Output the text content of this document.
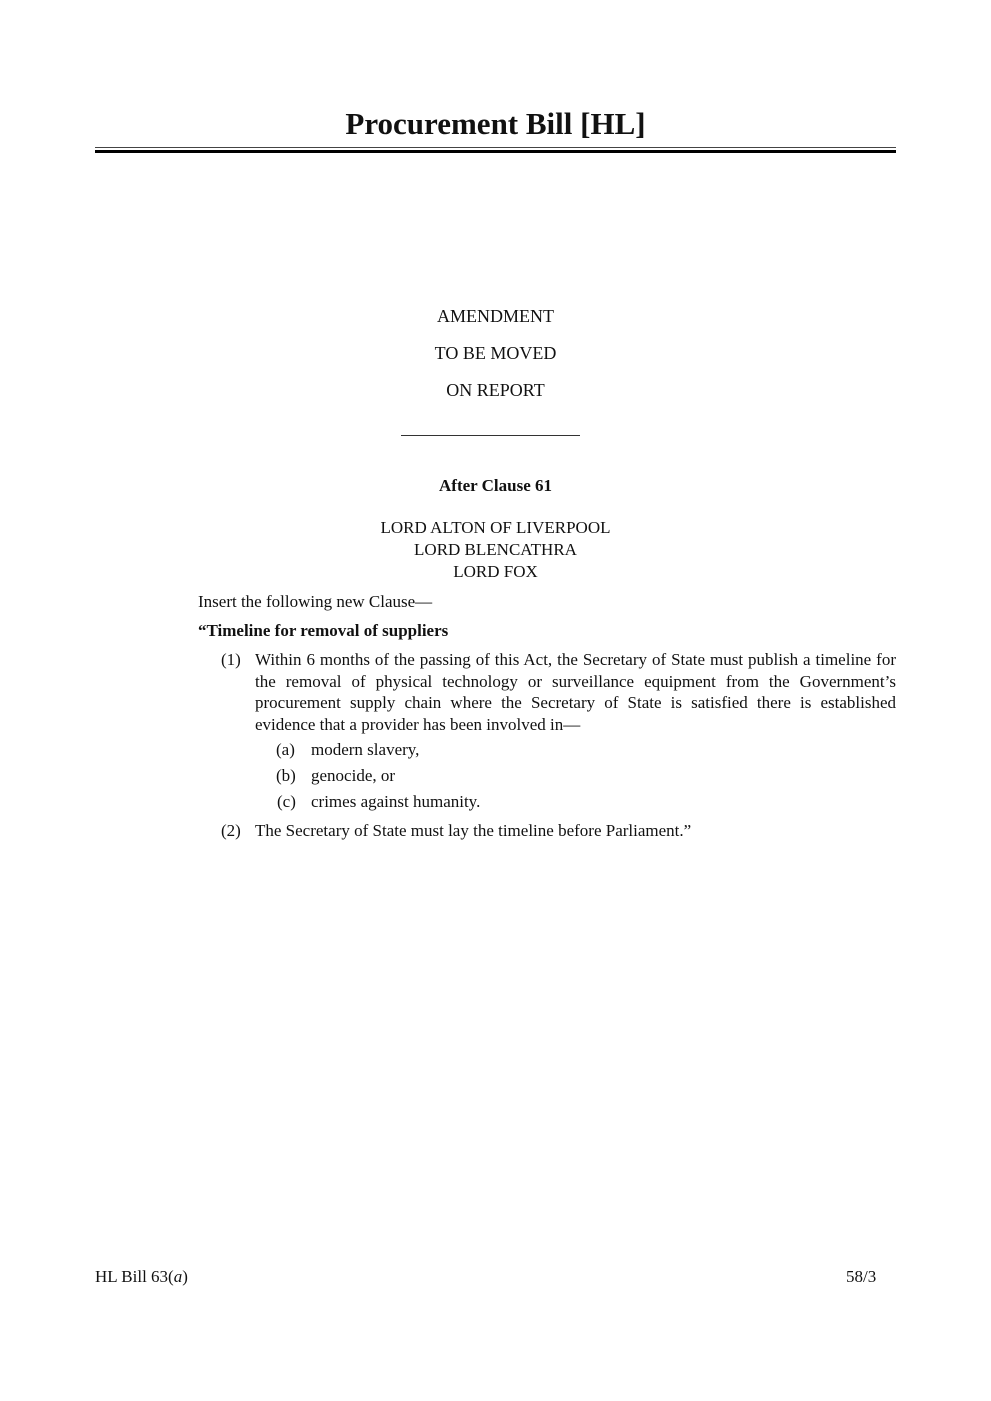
Procurement Bill [HL]
AMENDMENT
TO BE MOVED
ON REPORT
After Clause 61
LORD ALTON OF LIVERPOOL
LORD BLENCATHRA
LORD FOX
Insert the following new Clause—
“Timeline for removal of suppliers
(1) Within 6 months of the passing of this Act, the Secretary of State must publish a timeline for the removal of physical technology or surveillance equipment from the Government’s procurement supply chain where the Secretary of State is satisfied there is established evidence that a provider has been involved in—
(a) modern slavery,
(b) genocide, or
(c) crimes against humanity.
(2) The Secretary of State must lay the timeline before Parliament.”
HL Bill 63(a)	58/3
